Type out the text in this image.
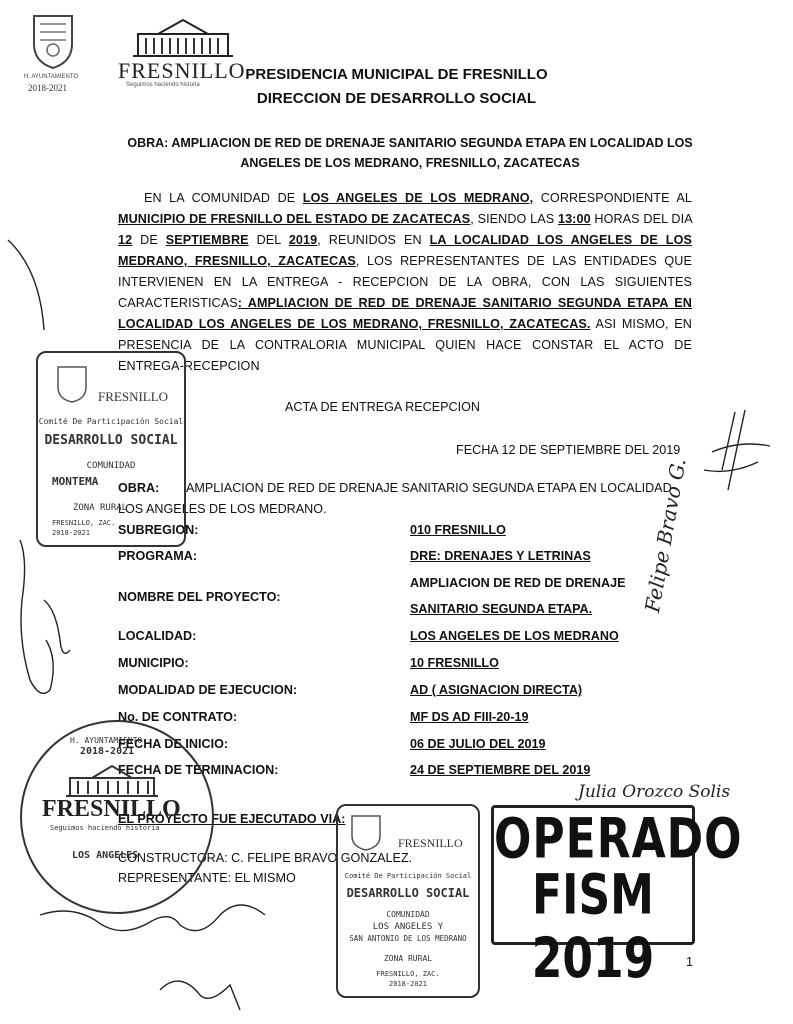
H. AYUNTAMIENTO
2018-2021
FRESNILLO
Seguimos haciendo historia
PRESIDENCIA MUNICIPAL DE FRESNILLO
DIRECCION DE DESARROLLO SOCIAL
OBRA: AMPLIACION DE RED DE DRENAJE SANITARIO SEGUNDA ETAPA EN LOCALIDAD LOS
ANGELES DE LOS MEDRANO, FRESNILLO, ZACATECAS
EN LA COMUNIDAD DE LOS ANGELES DE LOS MEDRANO, CORRESPONDIENTE AL MUNICIPIO DE FRESNILLO DEL ESTADO DE ZACATECAS, SIENDO LAS 13:00 HORAS DEL DIA 12 DE SEPTIEMBRE DEL 2019, REUNIDOS EN LA LOCALIDAD LOS ANGELES DE LOS MEDRANO, FRESNILLO, ZACATECAS, LOS REPRESENTANTES DE LAS ENTIDADES QUE INTERVIENEN EN LA ENTREGA - RECEPCION DE LA OBRA, CON LAS SIGUIENTES CARACTERISTICAS: AMPLIACION DE RED DE DRENAJE SANITARIO SEGUNDA ETAPA EN LOCALIDAD LOS ANGELES DE LOS MEDRANO, FRESNILLO, ZACATECAS. ASI MISMO, EN PRESENCIA DE LA CONTRALORIA MUNICIPAL QUIEN HACE CONSTAR EL ACTO DE ENTREGA-RECEPCION
ACTA DE ENTREGA RECEPCION
FECHA 12 DE SEPTIEMBRE DEL 2019
OBRA: AMPLIACION DE RED DE DRENAJE SANITARIO SEGUNDA ETAPA EN LOCALIDAD
LOS ANGELES DE LOS MEDRANO.
SUBREGION:	010 FRESNILLO
PROGRAMA:	DRE: DRENAJES Y LETRINAS
NOMBRE DEL PROYECTO:
AMPLIACION DE RED DE DRENAJE
SANITARIO SEGUNDA ETAPA.
LOCALIDAD:	LOS ANGELES DE LOS MEDRANO
MUNICIPIO:	10 FRESNILLO
MODALIDAD DE EJECUCION:	AD ( ASIGNACION DIRECTA)
No. DE CONTRATO:	MF DS AD FIII-20-19
FECHA DE INICIO:	06 DE JULIO DEL 2019
FECHA DE TERMINACION:	24 DE SEPTIEMBRE DEL 2019
EL PROYECTO FUE EJECUTADO VIA:
CONSTRUCTORA: C. FELIPE BRAVO GONZALEZ.
REPRESENTANTE: EL MISMO
Felipe Bravo G.
Julia Orozco Solis
Comité De Participación Social
DESARROLLO SOCIAL
COMUNIDAD
MONTEMA
ZONA RURAL
FRESNILLO, ZAC.
2018-2021
FRESNILLO
H. AYUNTAMIENTO
2018-2021
FRESNILLO
Seguimos haciendo historia
LOS ANGELES
FRESNILLO
Comité De Participación Social
DESARROLLO SOCIAL
COMUNIDAD
LOS ANGELES Y
SAN ANTONIO DE LOS MEDRANO
ZONA RURAL
FRESNILLO, ZAC.
2018-2021
OPERADO
FISM 2019	1
